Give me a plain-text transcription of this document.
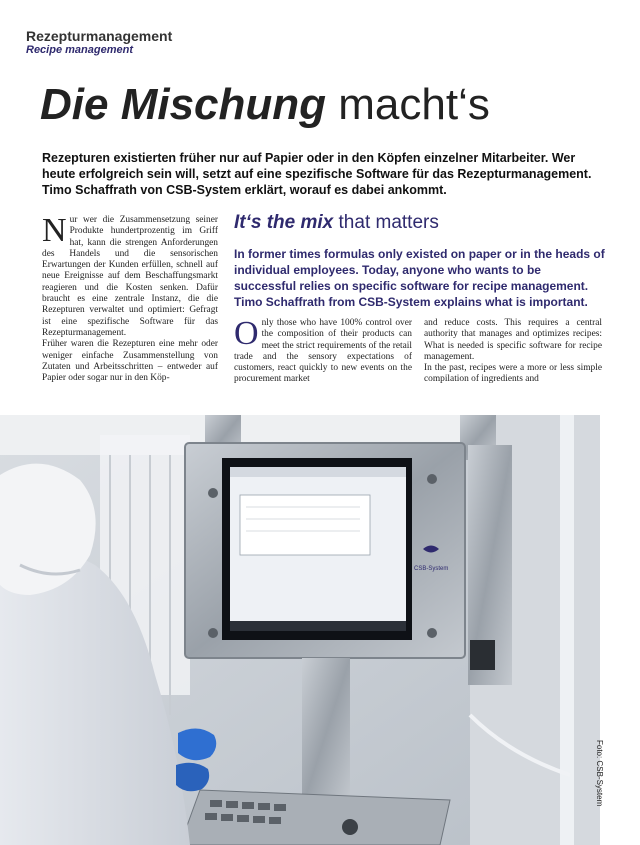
Rezepturmanagement
Recipe management
Die Mischung macht‘s
Rezepturen existierten früher nur auf Papier oder in den Köpfen einzelner Mitarbeiter. Wer heute erfolgreich sein will, setzt auf eine spezifische Software für das Rezepturmanagement. Timo Schaffrath von CSB-System erklärt, worauf es dabei ankommt.
Nur wer die Zusammensetzung seiner Produkte hundertprozentig im Griff hat, kann die strengen Anforderungen des Handels und die sensorischen Erwartungen der Kunden erfüllen, schnell auf neue Ereignisse auf dem Beschaffungsmarkt reagieren und die Kosten senken. Dafür braucht es eine zentrale Instanz, die die Rezepturen verwaltet und optimiert: Gefragt ist eine spezifische Software für das Rezepturmanagement.
Früher waren die Rezepturen eine mehr oder weniger einfache Zusammenstellung von Zutaten und Arbeitsschritten – entweder auf Papier oder sogar nur in den Köp-
It‘s the mix that matters
In former times formulas only existed on paper or in the heads of individual employees. Today, anyone who wants to be successful relies on specific software for recipe management. Timo Schaffrath from CSB-System explains what is important.
Only those who have 100% control over the composition of their products can meet the strict requirements of the retail trade and the sensory expectations of customers, react quickly to new events on the procurement market
and reduce costs. This requires a central authority that manages and optimizes recipes: What is needed is specific software for recipe management.
In the past, recipes were a more or less simple compilation of ingredients and
CSB-System
Foto: CSB-System
